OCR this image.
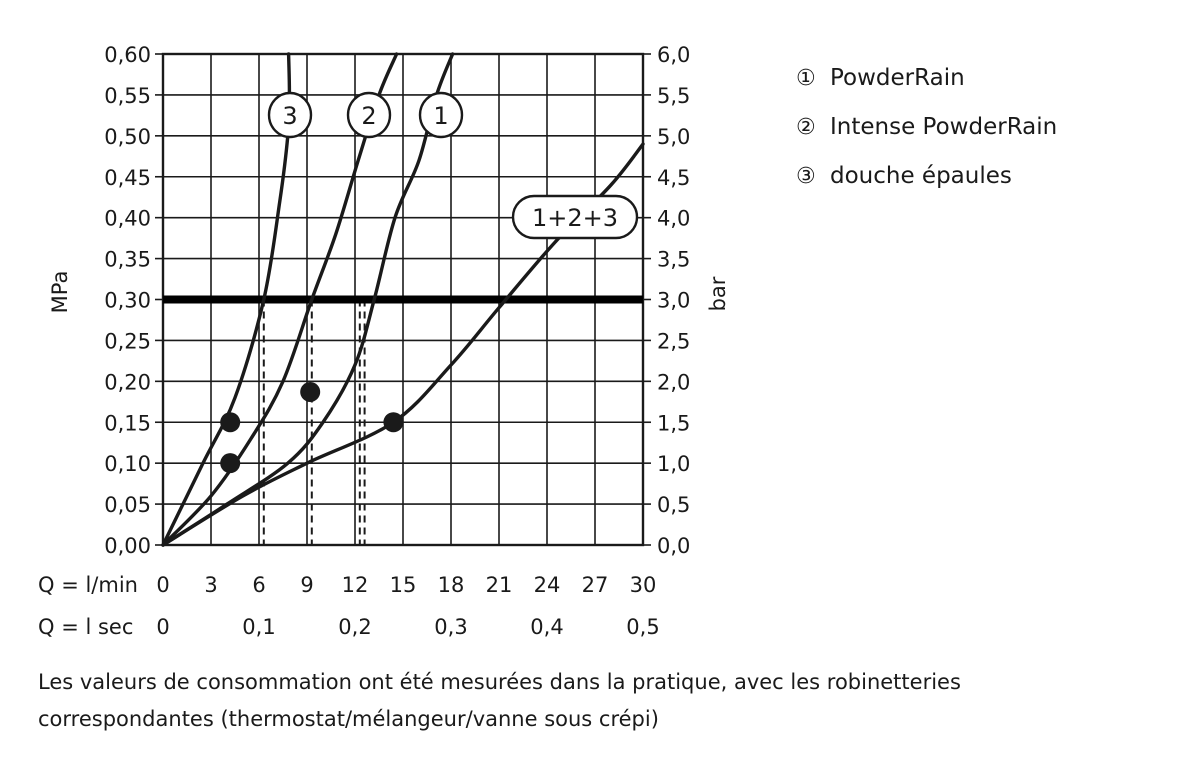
0,00	0,0
0,05	0,5
0,10	1,0
0,15	1,5
0,20	2,0
0,25	2,5
0,30	3,0
0,35	3,5
0,40	4,0
0,45	4,5
0,50	5,0
0,55	5,5
0,60	6,0
MPa	bar
Q = l/min 0 3 6 9 12 15 18 21 24 27 30
Q = l sec 0	0,1	0,2	0,3	0,4	0,5
1
2
3
1+2+3
① PowderRain
② Intense PowderRain
③ douche épaules
Les valeurs de consommation ont été mesurées dans la pratique, avec les robinetteries
correspondantes (thermostat/mélangeur/vanne sous crépi)
